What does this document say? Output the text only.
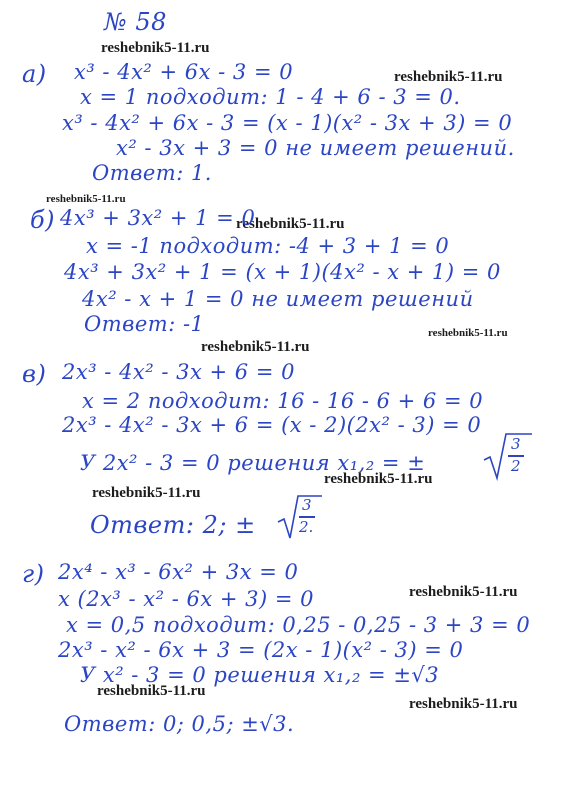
№ 58
reshebnik5-11.ru
reshebnik5-11.ru
reshebnik5-11.ru
reshebnik5-11.ru
reshebnik5-11.ru
reshebnik5-11.ru
reshebnik5-11.ru
reshebnik5-11.ru
reshebnik5-11.ru
reshebnik5-11.ru
reshebnik5-11.ru
а) x³ - 4x² + 6x - 3 = 0
x = 1 подходит: 1 - 4 + 6 - 3 = 0.
x³ - 4x² + 6x - 3 = (x - 1)(x² - 3x + 3) = 0
x² - 3x + 3 = 0 не имеет решений.
Ответ: 1.
б) 4x³ + 3x² + 1 = 0
x = -1 подходит: -4 + 3 + 1 = 0
4x³ + 3x² + 1 = (x + 1)(4x² - x + 1) = 0
4x² - x + 1 = 0 не имеет решений
Ответ: -1
в) 2x³ - 4x² - 3x + 6 = 0
x = 2 подходит: 16 - 16 - 6 + 6 = 0
2x³ - 4x² - 3x + 6 = (x - 2)(2x² - 3) = 0
У 2x² - 3 = 0 решения x₁,₂ = ±
3
2
Ответ: 2; ±
3
2.
г) 2x⁴ - x³ - 6x² + 3x = 0
x (2x³ - x² - 6x + 3) = 0
x = 0,5 подходит: 0,25 - 0,25 - 3 + 3 = 0
2x³ - x² - 6x + 3 = (2x - 1)(x² - 3) = 0
У x² - 3 = 0 решения x₁,₂ = ±√3
Ответ: 0; 0,5; ±√3.
